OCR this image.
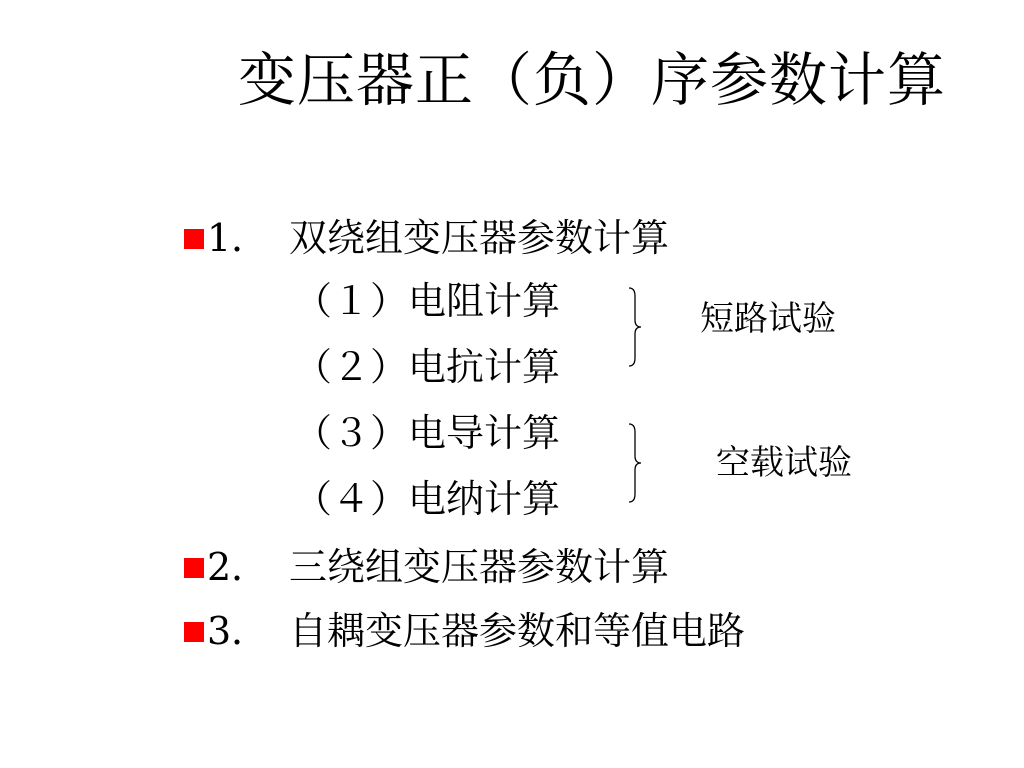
变压器正（负）序参数计算
1． 双绕组变压器参数计算
（１）电阻计算
（２）电抗计算
（３）电导计算
（４）电纳计算
短路试验
空载试验
2． 三绕组变压器参数计算
3． 自耦变压器参数和等值电路
